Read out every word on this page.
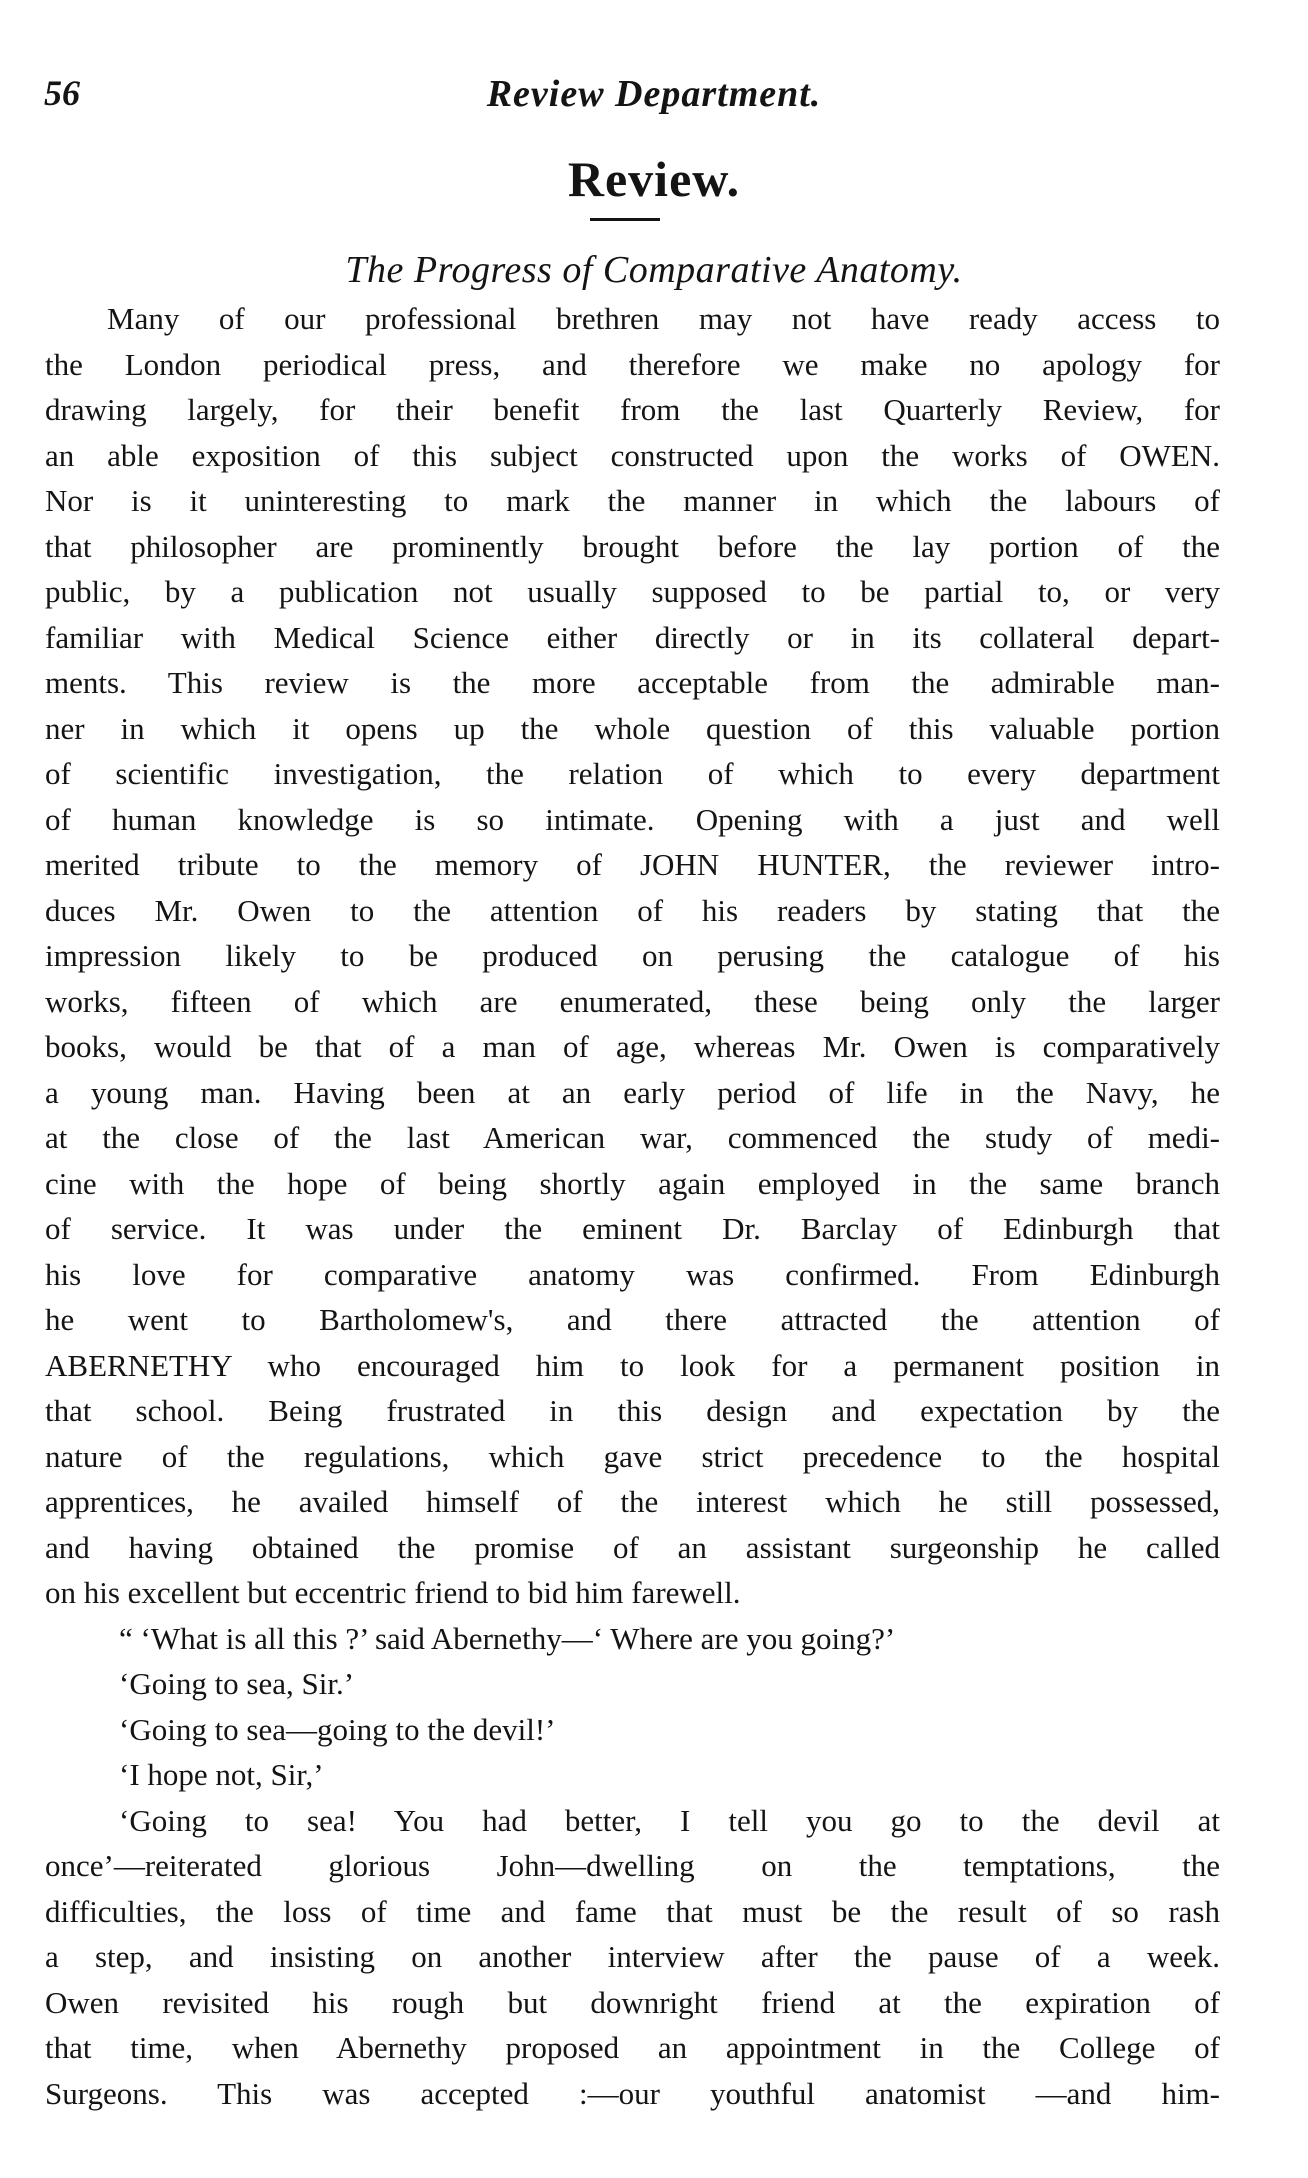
56	Review Department.
Review.
The Progress of Comparative Anatomy.
Many of our professional brethren may not have ready access to
the London periodical press, and therefore we make no apology for
drawing largely, for their benefit from the last Quarterly Review, for
an able exposition of this subject constructed upon the works of OWEN.
Nor is it uninteresting to mark the manner in which the labours of
that philosopher are prominently brought before the lay portion of the
public, by a publication not usually supposed to be partial to, or very
familiar with Medical Science either directly or in its collateral depart-
ments. This review is the more acceptable from the admirable man-
ner in which it opens up the whole question of this valuable portion
of scientific investigation, the relation of which to every department
of human knowledge is so intimate. Opening with a just and well
merited tribute to the memory of JOHN HUNTER, the reviewer intro-
duces Mr. Owen to the attention of his readers by stating that the
impression likely to be produced on perusing the catalogue of his
works, fifteen of which are enumerated, these being only the larger
books, would be that of a man of age, whereas Mr. Owen is comparatively
a young man. Having been at an early period of life in the Navy, he
at the close of the last American war, commenced the study of medi-
cine with the hope of being shortly again employed in the same branch
of service. It was under the eminent Dr. Barclay of Edinburgh that
his love for comparative anatomy was confirmed. From Edinburgh
he went to Bartholomew's, and there attracted the attention of
ABERNETHY who encouraged him to look for a permanent position in
that school. Being frustrated in this design and expectation by the
nature of the regulations, which gave strict precedence to the hospital
apprentices, he availed himself of the interest which he still possessed,
and having obtained the promise of an assistant surgeonship he called
on his excellent but eccentric friend to bid him farewell.
“ ‘What is all this ?’ said Abernethy—‘ Where are you going?’
‘Going to sea, Sir.’
‘Going to sea—going to the devil!’
‘I hope not, Sir,’
‘Going to sea! You had better, I tell you go to the devil at
once’—reiterated glorious John—dwelling on the temptations, the
difficulties, the loss of time and fame that must be the result of so rash
a step, and insisting on another interview after the pause of a week.
Owen revisited his rough but downright friend at the expiration of
that time, when Abernethy proposed an appointment in the College of
Surgeons. This was accepted :—our youthful anatomist —and him-
